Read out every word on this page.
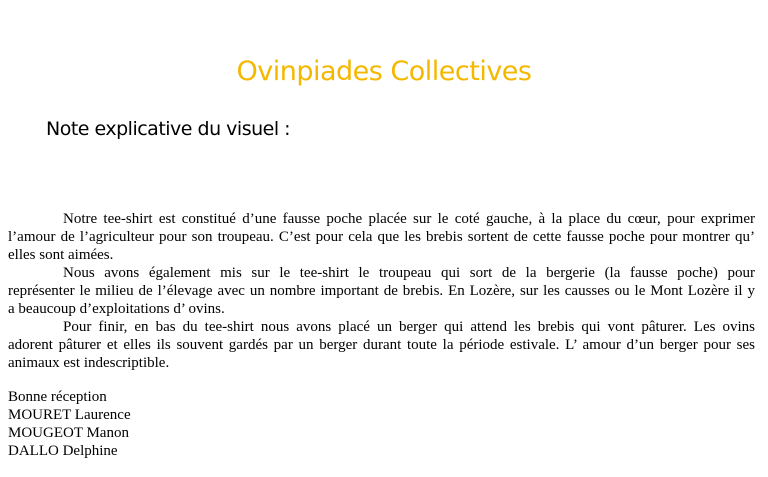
Ovinpiades Collectives
Note explicative du visuel :
Notre tee-shirt est constitué d’une fausse poche placée sur le coté gauche, à la place du cœur, pour exprimer
l’amour de l’agriculteur pour son troupeau. C’est pour cela que les brebis sortent de cette fausse poche pour montrer qu’
elles sont aimées.
Nous avons également mis sur le tee-shirt le troupeau qui sort de la bergerie (la fausse poche) pour
représenter le milieu de l’élevage avec un nombre important de brebis. En Lozère, sur les causses ou le Mont Lozère il y
a beaucoup d’exploitations d’ ovins.
Pour finir, en bas du tee-shirt nous avons placé un berger qui attend les brebis qui vont pâturer. Les ovins
adorent pâturer et elles ils souvent gardés par un berger durant toute la période estivale. L’ amour d’un berger pour ses
animaux est indescriptible.
Bonne réception
MOURET Laurence
MOUGEOT Manon
DALLO Delphine
